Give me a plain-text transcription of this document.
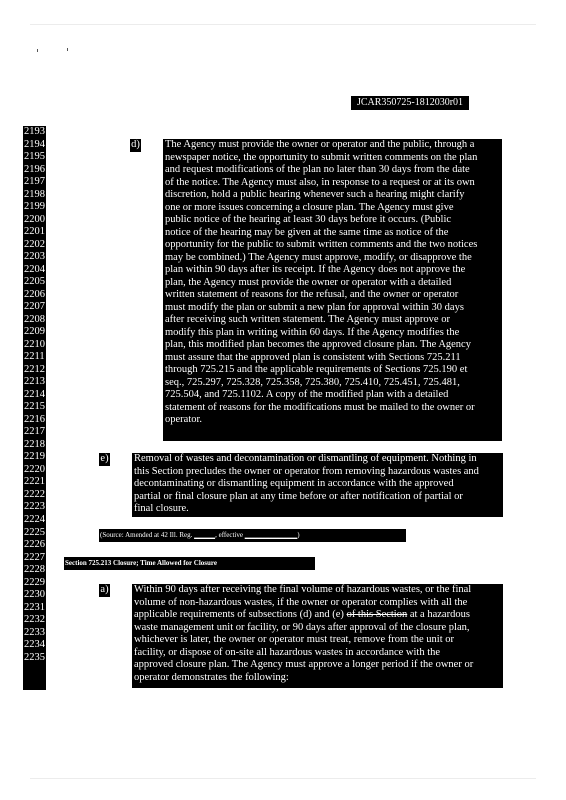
JCAR350725-1812030r01
2193
2194
2195
2196
2197
2198
2199
2200
2201
2202
2203
2204
2205
2206
2207
2208
2209
2210
2211
2212
2213
2214
2215
2216
2217
2218
2219
2220
2221
2222
2223
2224
2225
2226
2227
2228
2229
2230
2231
2232
2233
2234
2235
d) The Agency must provide the owner or operator and the public, through a
newspaper notice, the opportunity to submit written comments on the plan
and request modifications of the plan no later than 30 days from the date
of the notice. The Agency must also, in response to a request or at its own
discretion, hold a public hearing whenever such a hearing might clarify
one or more issues concerning a closure plan. The Agency must give
public notice of the hearing at least 30 days before it occurs. (Public
notice of the hearing may be given at the same time as notice of the
opportunity for the public to submit written comments and the two notices
may be combined.) The Agency must approve, modify, or disapprove the
plan within 90 days after its receipt. If the Agency does not approve the
plan, the Agency must provide the owner or operator with a detailed
written statement of reasons for the refusal, and the owner or operator
must modify the plan or submit a new plan for approval within 30 days
after receiving such written statement. The Agency must approve or
modify this plan in writing within 60 days. If the Agency modifies the
plan, this modified plan becomes the approved closure plan. The Agency
must assure that the approved plan is consistent with Sections 725.211
through 725.215 and the applicable requirements of Sections 725.190 et
seq., 725.297, 725.328, 725.358, 725.380, 725.410, 725.451, 725.481,
725.504, and 725.1102. A copy of the modified plan with a detailed
statement of reasons for the modifications must be mailed to the owner or
operator.
e) Removal of wastes and decontamination or dismantling of equipment. Nothing in
this Section precludes the owner or operator from removing hazardous wastes and
decontaminating or dismantling equipment in accordance with the approved
partial or final closure plan at any time before or after notification of partial or
final closure.
(Source: Amended at 42 Ill. Reg. ______, effective _______________)
Section 725.213 Closure; Time Allowed for Closure
a) Within 90 days after receiving the final volume of hazardous wastes, or the final
volume of non-hazardous wastes, if the owner or operator complies with all the
applicable requirements of subsections (d) and (e) of this Section at a hazardous
waste management unit or facility, or 90 days after approval of the closure plan,
whichever is later, the owner or operator must treat, remove from the unit or
facility, or dispose of on-site all hazardous wastes in accordance with the
approved closure plan. The Agency must approve a longer period if the owner or
operator demonstrates the following:
